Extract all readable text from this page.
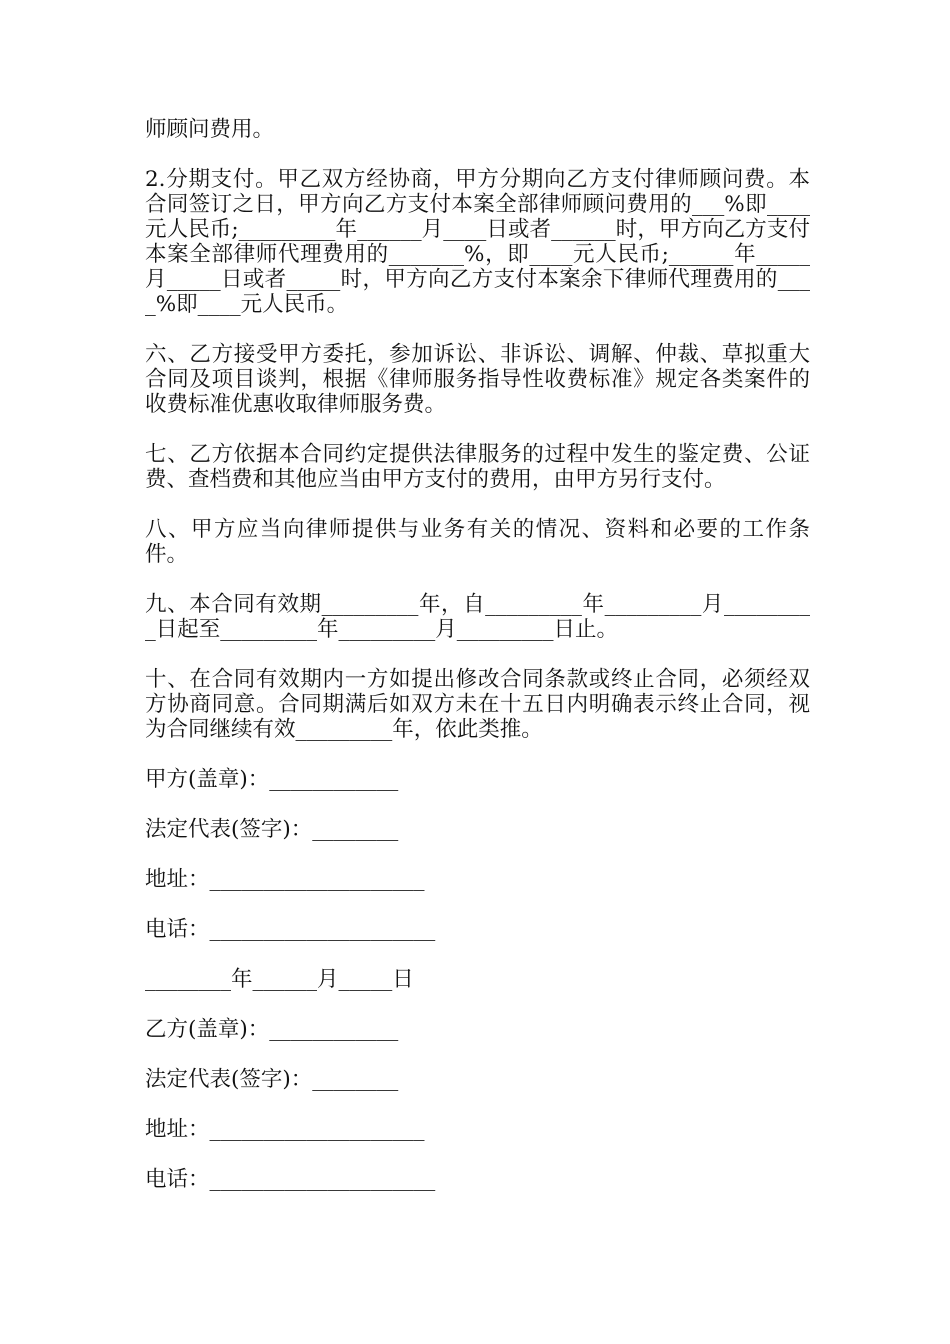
师顾问费用。

2.分期支付。甲乙双方经协商，甲方分期向乙方支付律师顾问费。本合同签订之日，甲方向乙方支付本案全部律师顾问费用的___%即____元人民币;_________年______月____日或者______时，甲方向乙方支付本案全部律师代理费用的_______%，即____元人民币;______年_____月_____日或者_____时，甲方向乙方支付本案余下律师代理费用的____%即____元人民币。

六、乙方接受甲方委托，参加诉讼、非诉讼、调解、仲裁、草拟重大合同及项目谈判，根据《律师服务指导性收费标准》规定各类案件的收费标准优惠收取律师服务费。

七、乙方依据本合同约定提供法律服务的过程中发生的鉴定费、公证费、查档费和其他应当由甲方支付的费用，由甲方另行支付。

八、甲方应当向律师提供与业务有关的情况、资料和必要的工作条件。

九、本合同有效期_________年，自_________年_________月_________日起至_________年_________月_________日止。

十、在合同有效期内一方如提出修改合同条款或终止合同，必须经双方协商同意。合同期满后如双方未在十五日内明确表示终止合同，视为合同继续有效_________年，依此类推。

甲方(盖章)：____________
法定代表(签字)：________
地址：____________________
电话：_____________________
________年______月_____日
乙方(盖章)：____________
法定代表(签字)：________
地址：____________________
电话：_____________________
